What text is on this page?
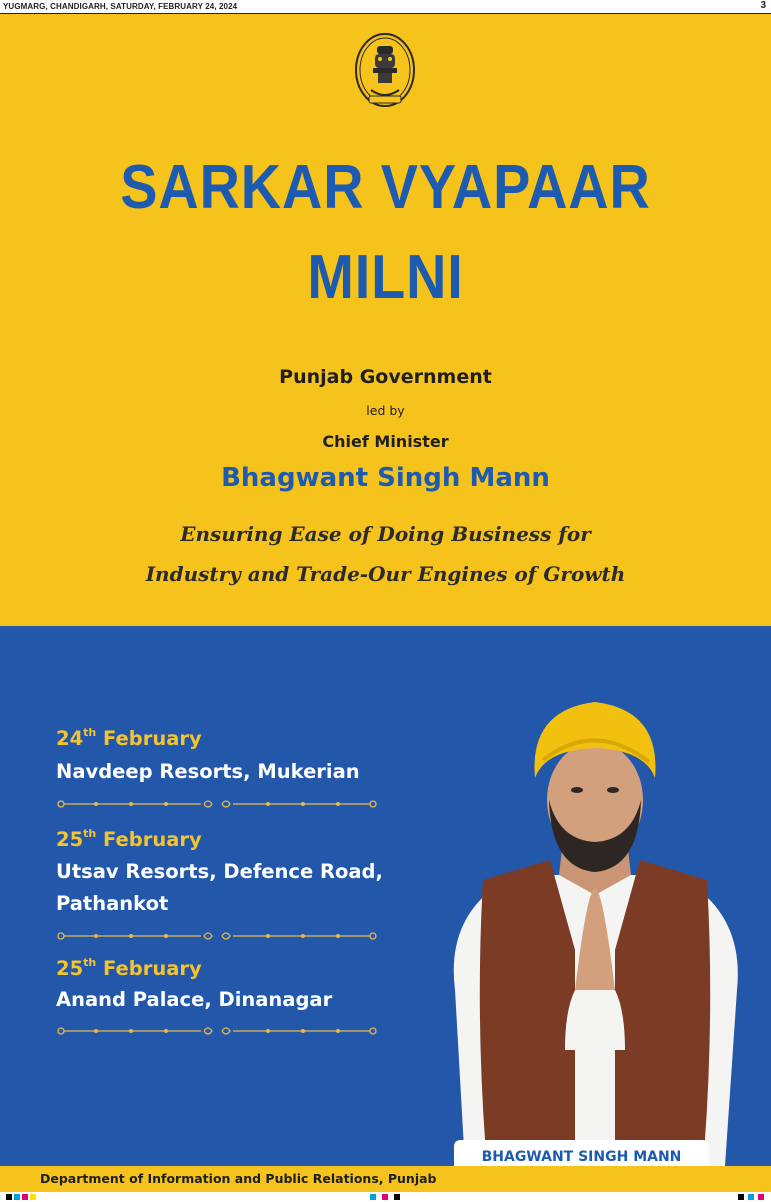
YUGMARG, CHANDIGARH, SATURDAY, FEBRUARY 24, 2024	3
SARKAR VYAPAAR
MILNI
Punjab Government
led by
Chief Minister
Bhagwant Singh Mann
Ensuring Ease of Doing Business for
Industry and Trade-Our Engines of Growth
24th February
Navdeep Resorts, Mukerian
25th February
Utsav Resorts, Defence Road, Pathankot
25th February
Anand Palace, Dinanagar
BHAGWANT SINGH MANN
Department of Information and Public Relations, Punjab
